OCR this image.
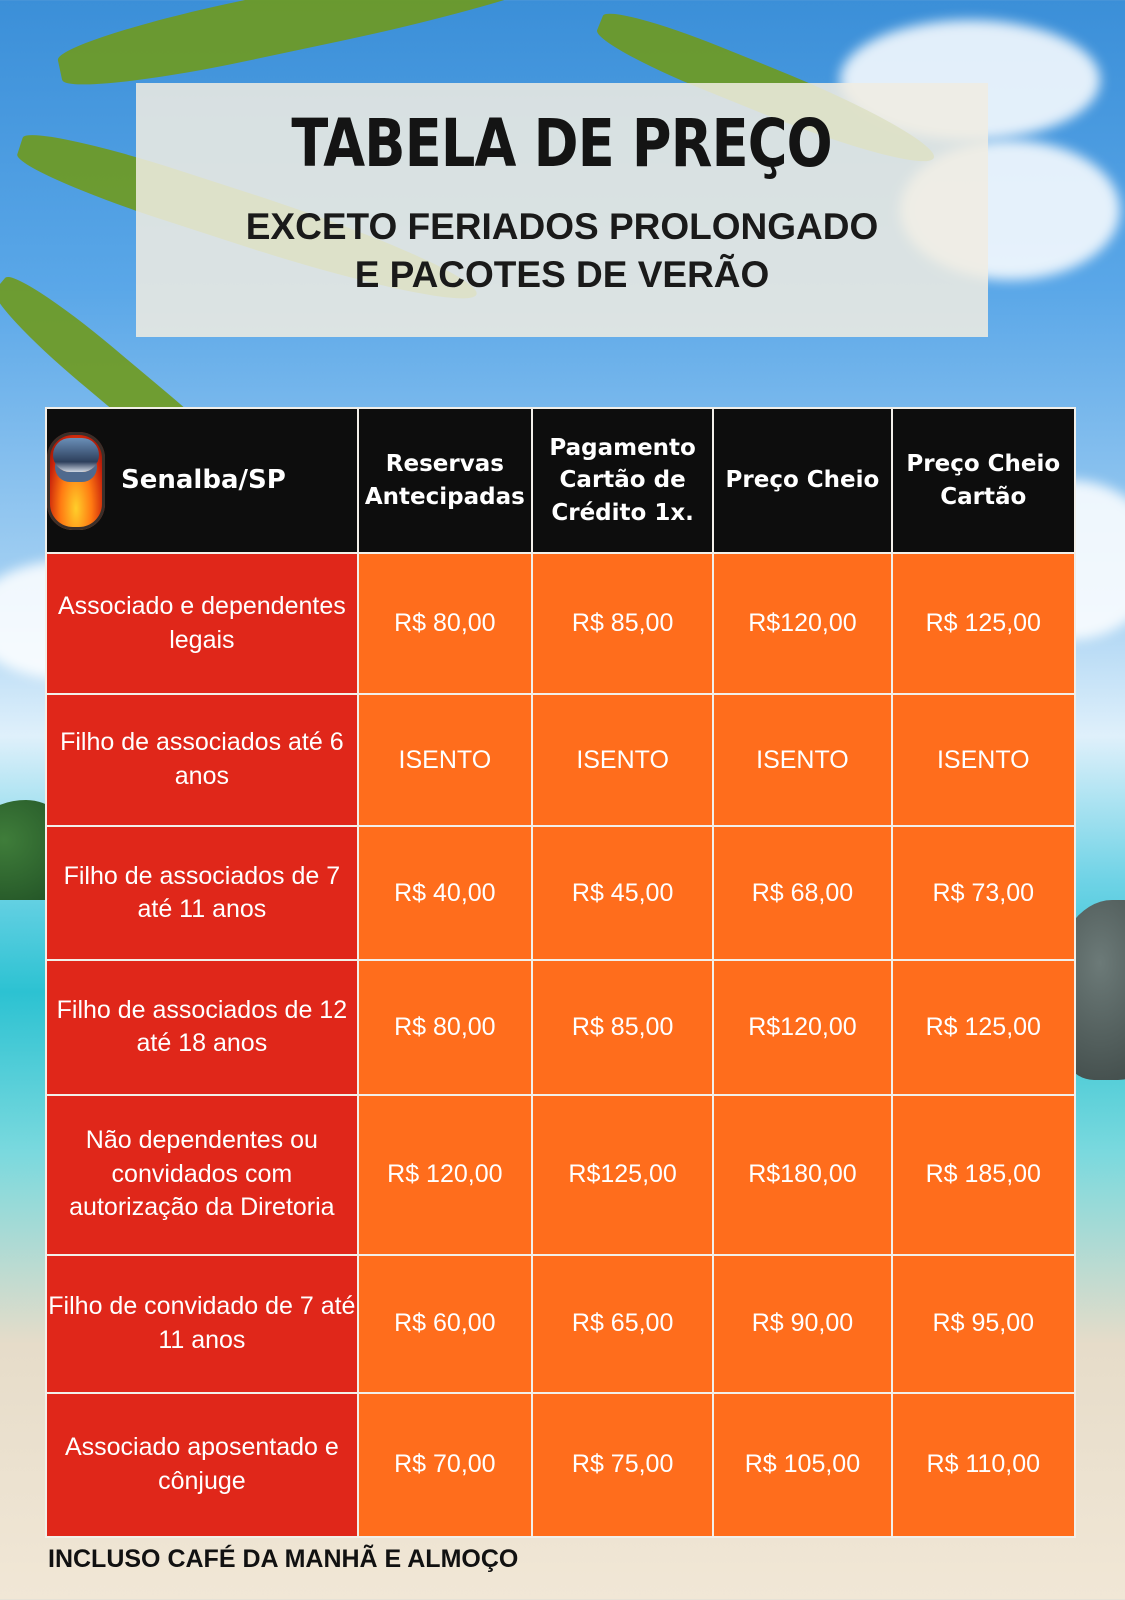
TABELA DE PREÇO
EXCETO FERIADOS PROLONGADO
E PACOTES DE VERÃO
Senalba/SP	Reservas Antecipadas	Pagamento Cartão de Crédito 1x.	Preço Cheio	Preço Cheio Cartão
Associado e dependentes legais	R$ 80,00	R$ 85,00	R$120,00	R$ 125,00
Filho de associados até 6 anos	ISENTO	ISENTO	ISENTO	ISENTO
Filho de associados de 7 até 11 anos	R$ 40,00	R$ 45,00	R$ 68,00	R$ 73,00
Filho de associados de 12 até 18 anos	R$ 80,00	R$ 85,00	R$120,00	R$ 125,00
Não dependentes ou convidados com autorização da Diretoria	R$ 120,00	R$125,00	R$180,00	R$ 185,00
Filho de convidado de 7 até 11 anos	R$ 60,00	R$ 65,00	R$ 90,00	R$ 95,00
Associado aposentado e cônjuge	R$ 70,00	R$ 75,00	R$ 105,00	R$ 110,00
INCLUSO CAFÉ DA MANHÃ E ALMOÇO
